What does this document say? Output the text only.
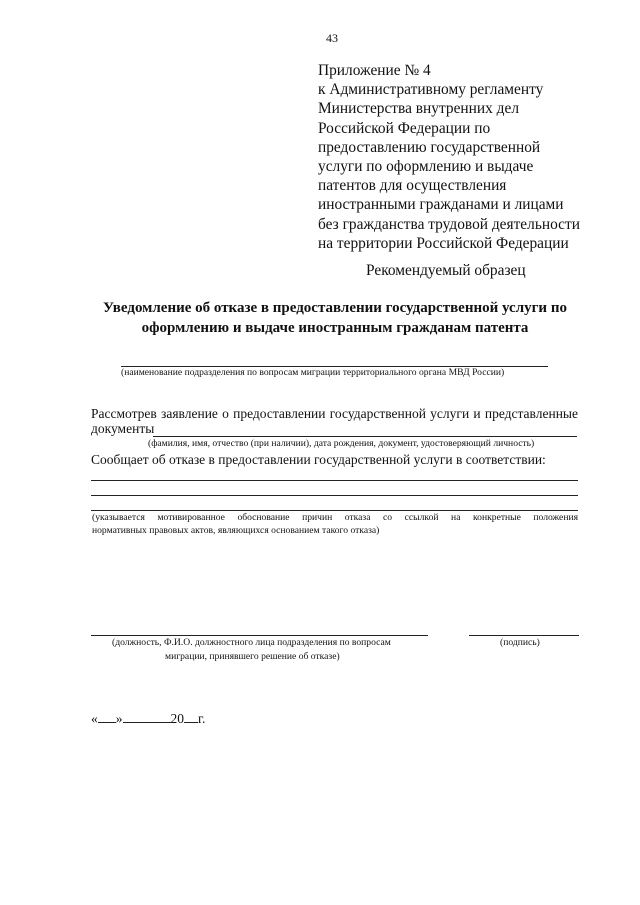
43
Приложение № 4
к Административному регламенту
Министерства внутренних дел
Российской Федерации по
предоставлению государственной
услуги по оформлению и выдаче
патентов для осуществления
иностранными гражданами и лицами
без гражданства трудовой деятельности
на территории Российской Федерации
Рекомендуемый образец
Уведомление об отказе в предоставлении государственной услуги по
оформлению и выдаче иностранным гражданам патента
(наименование подразделения по вопросам миграции территориального органа МВД России)
Рассмотрев заявление о предоставлении государственной услуги и представленные
документы
(фамилия, имя, отчество (при наличии), дата рождения, документ, удостоверяющий личность)
Сообщает об отказе в предоставлении государственной услуги в соответствии:
(указывается мотивированное обоснование причин отказа со ссылкой на конкретные положения
нормативных правовых актов, являющихся основанием такого отказа)
(должность, Ф.И.О. должностного лица подразделения по вопросам
миграции, принявшего решение об отказе)
(подпись)
« »	20 г.
